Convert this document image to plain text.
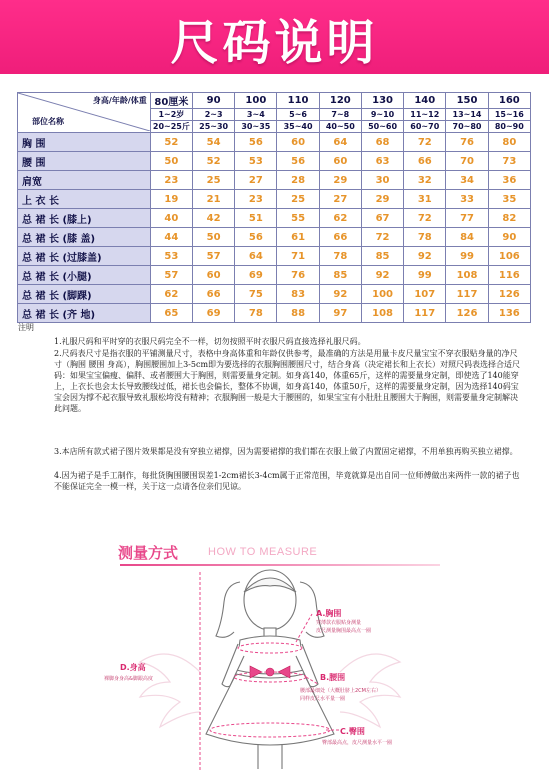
尺码说明
身高/年龄/体重
部位名称	80厘米	90	100	110	120	130	140	150	160
	1~2岁	2~3	3~4	5~6	7~8	9~10	11~12	13~14	15~16
	20~25斤	25~30	30~35	35~40	40~50	50~60	60~70	70~80	80~90
胸 围	52	54	56	60	64	68	72	76	80
腰 围	50	52	53	56	60	63	66	70	73
肩宽	23	25	27	28	29	30	32	34	36
上 衣 长	19	21	23	25	27	29	31	33	35
总 裙 长 (膝上)	40	42	51	55	62	67	72	77	82
总 裙 长 (膝 盖)	44	50	56	61	66	72	78	84	90
总 裙 长 (过膝盖)	53	57	64	71	78	85	92	99	106
总 裙 长 (小腿)	57	60	69	76	85	92	99	108	116
总 裙 长 (脚踝)	62	66	75	83	92	100	107	117	126
总 裙 长 (齐 地)	65	69	78	88	97	108	117	126	136
注明
1.礼服尺码和平时穿的衣服尺码完全不一样，切勿按照平时衣服尺码直接选择礼服尺码。
2.尺码表尺寸是指衣服的平铺测量尺寸，表格中身高体重和年龄仅供参考，最准确的方法是用量卡皮尺量宝宝不穿衣服贴身量的净尺寸（胸围 腰围 身高），胸围腰围加上3-5cm即为要选择的衣服胸围腰围尺寸，结合身高（决定裙长和上衣长）对照尺码表选择合适尺码：如果宝宝偏瘦、偏胖、或者腰围大于胸围，则需要量身定制。如身高140，体重65斤，这样的需要量身定制，即使选了140能穿上，上衣长也会太长导致腰线过低，裙长也会偏长，整体不协调，如身高140，体重50斤，这样的需要量身定制，因为选择140码宝宝会因为撑不起衣服导致礼服松垮没有精神；衣服胸围一般是大于腰围的，如果宝宝有小肚肚且腰围大于胸围，则需要量身定制解决此问题。
3.本店所有款式裙子图片效果都是没有穿独立裙撑，因为需要裙撑的我们都在衣服上做了内置固定裙撑，不用单独再购买独立裙撑。
4.因为裙子是手工制作，每批货胸围腰围误差1-2cm裙长3-4cm属于正常范围，毕竟就算是出自同一位师傅做出来两件一款的裙子也不能保证完全一模一样，关于这一点请各位亲们见谅。
测量方式	HOW TO MEASURE
A.胸围
穿薄款衣服贴身测量
皮尺测量胸围最高点一圈
B.腰围
腰部最细处（大概肚脐上2CM左右）
同样皮尺水平量一圈
C.臀围
臀部最高点，皮尺测量水平一圈
D.身高
裸脚身身高&脚跟高度
